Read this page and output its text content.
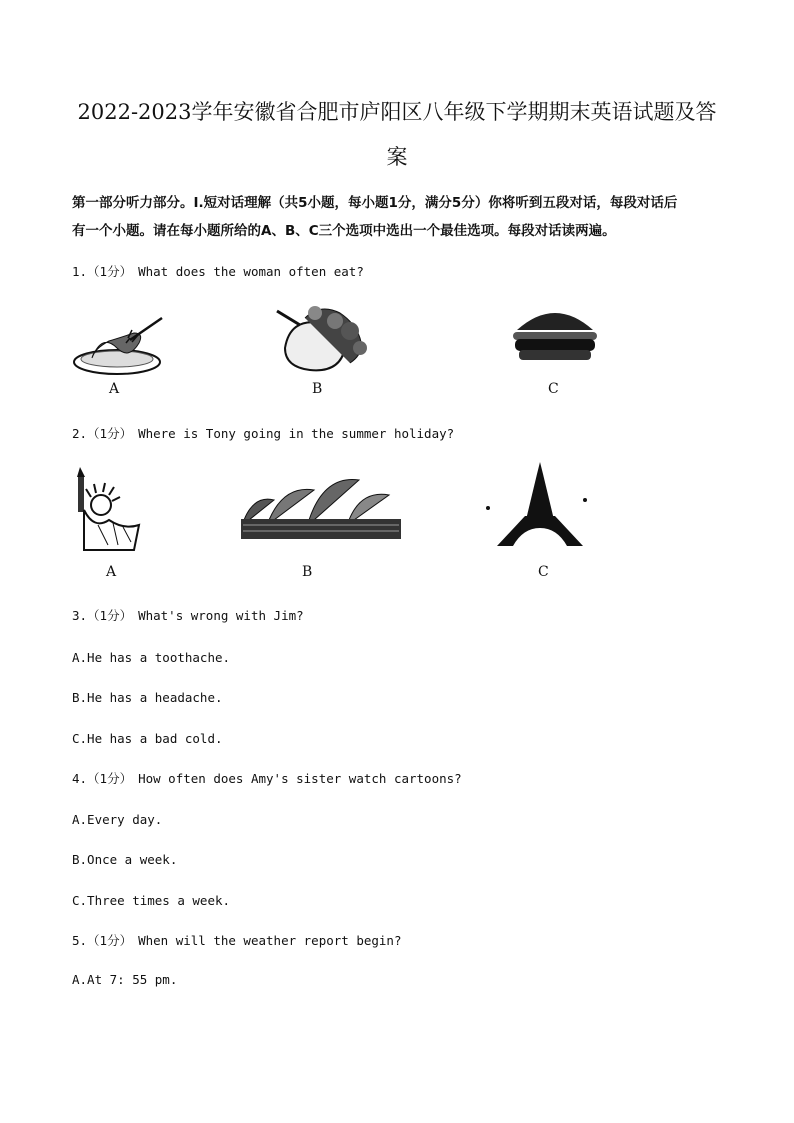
2022-2023学年安徽省合肥市庐阳区八年级下学期期末英语试题及答
案
第一部分听力部分。I.短对话理解（共5小题，每小题1分，满分5分）你将听到五段对话，每段对话后
有一个小题。请在每小题所给的A、B、C三个选项中选出一个最佳选项。每段对话读两遍。
1.（1分） What does the woman often eat?
A	B	C
2.（1分） Where is Tony going in the summer holiday?
A	B	C
3.（1分） What's wrong with Jim?
A.He has a toothache.
B.He has a headache.
C.He has a bad cold.
4.（1分） How often does Amy's sister watch cartoons?
A.Every day.
B.Once a week.
C.Three times a week.
5.（1分） When will the weather report begin?
A.At 7: 55 pm.
